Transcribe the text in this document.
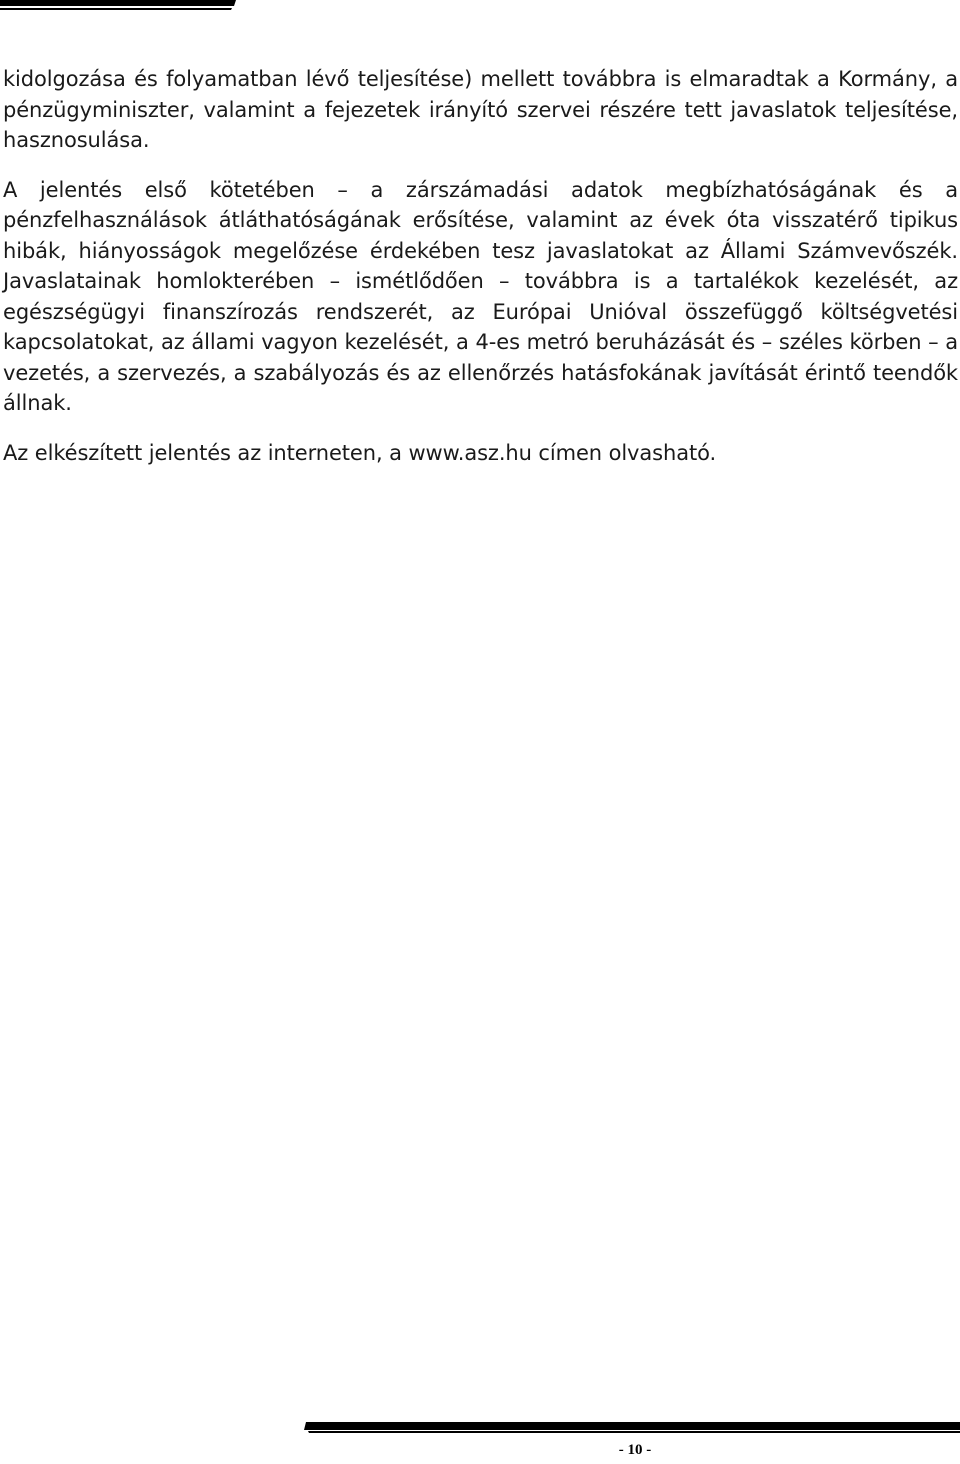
kidolgozása és folyamatban lévő teljesítése) mellett továbbra is elmaradtak a Kormány, a pénzügyminiszter, valamint a fejezetek irányító szervei részére tett javaslatok teljesítése, hasznosulása.

A jelentés első kötetében – a zárszámadási adatok megbízhatóságának és a pénzfelhasználások átláthatóságának erősítése, valamint az évek óta visszatérő tipikus hibák, hiányosságok megelőzése érdekében tesz javaslatokat az Állami Számvevőszék. Javaslatainak homlokterében – ismétlődően – továbbra is a tartalékok kezelését, az egészségügyi finanszírozás rendszerét, az Európai Unióval összefüggő költségvetési kapcsolatokat, az állami vagyon kezelését, a 4-es metró beruházását és – széles körben – a vezetés, a szervezés, a szabályozás és az ellenőrzés hatásfokának javítását érintő teendők állnak.

Az elkészített jelentés az interneten, a www.asz.hu címen olvasható.

- 10 -
